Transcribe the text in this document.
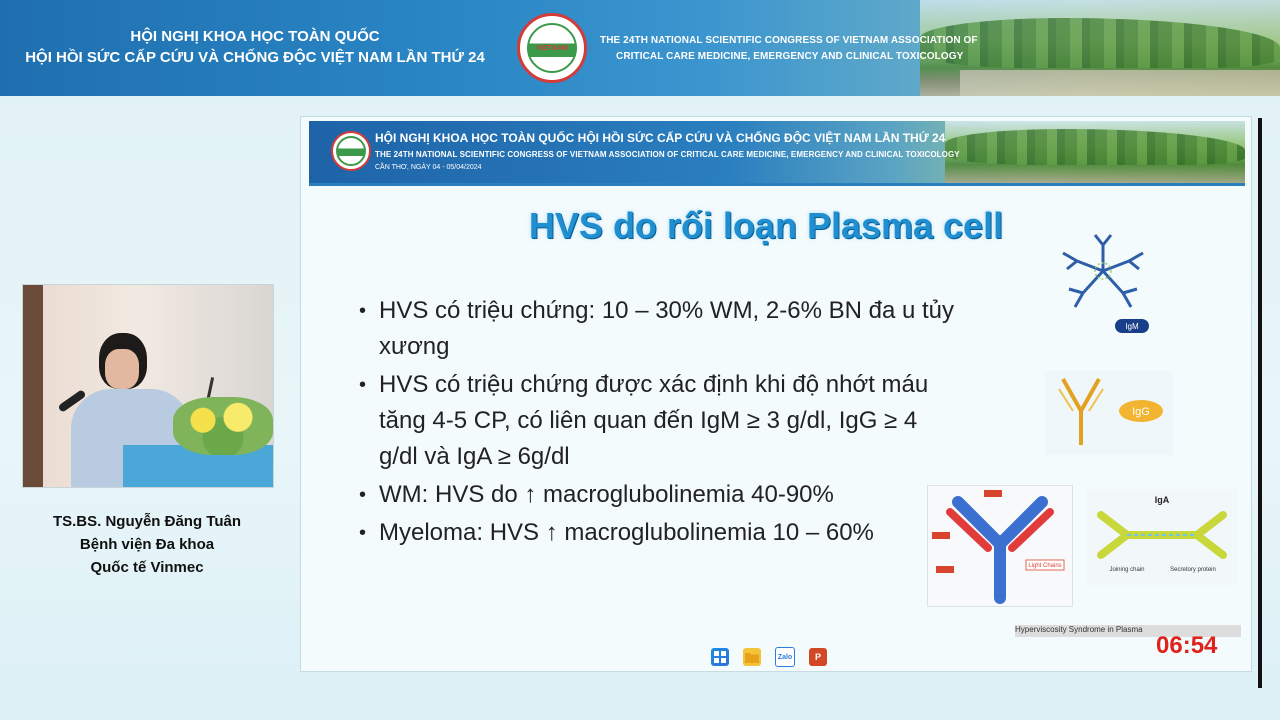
HỘI NGHỊ KHOA HỌC TOÀN QUỐC
HỘI HỒI SỨC CẤP CỨU VÀ CHỐNG ĐỘC VIỆT NAM LẦN THỨ 24
VIETNAM
THE 24TH NATIONAL SCIENTIFIC CONGRESS OF VIETNAM ASSOCIATION OF
CRITICAL CARE MEDICINE, EMERGENCY AND CLINICAL TOXICOLOGY
TS.BS. Nguyễn Đăng Tuân
Bệnh viện Đa khoa
Quốc tế Vinmec
HỘI NGHỊ KHOA HỌC TOÀN QUỐC HỘI HỒI SỨC CẤP CỨU VÀ CHỐNG ĐỘC VIỆT NAM LẦN THỨ 24
THE 24TH NATIONAL SCIENTIFIC CONGRESS OF VIETNAM ASSOCIATION OF CRITICAL CARE MEDICINE, EMERGENCY AND CLINICAL TOXICOLOGY
CẦN THƠ, NGÀY 04 - 05/04/2024
HVS do rối loạn Plasma cell
• HVS có triệu chứng: 10 – 30% WM, 2-6% BN đa u tủy xương
• HVS có triệu chứng được xác định khi độ nhớt máu tăng 4-5 CP, có liên quan đến IgM ≥ 3 g/dl, IgG ≥ 4 g/dl và IgA ≥ 6g/dl
• WM: HVS do ↑ macroglubolinemia 40-90%
• Myeloma: HVS ↑ macroglubolinemia 10 – 60%
IgM
IgG
Light Chains
IgA
Joining chain	Secretory protein
Hyperviscosity Syndrome in Plasma
Zalo	P	06:54
